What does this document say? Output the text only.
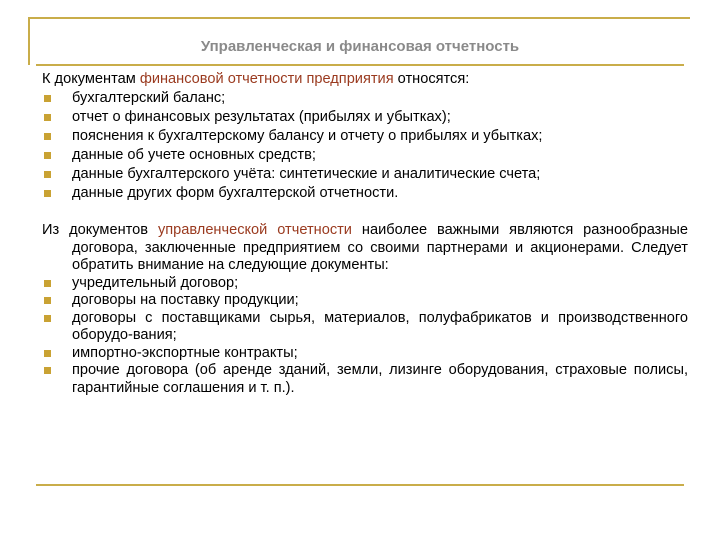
Управленческая и финансовая отчетность

К документам финансовой отчетности предприятия относятся:

бухгалтерский баланс;
отчет о финансовых результатах (прибылях и убытках);
пояснения к бухгалтерскому балансу и отчету о прибылях и убытках;
данные об учете основных средств;
данные бухгалтерского учёта: синтетические и аналитические счета;
данные других форм бухгалтерской отчетности.

Из документов управленческой отчетности наиболее важными являются разнообразные договора, заключенные предприятием со своими партнерами и акционерами. Следует обратить внимание на следующие документы:

учредительный договор;
договоры на поставку продукции;
договоры с поставщиками сырья, материалов, полуфабрикатов и производственного оборудо-вания;
импортно-экспортные контракты;
прочие договора (об аренде зданий, земли, лизинге оборудования, страховые полисы, гарантийные соглашения и т. п.).
